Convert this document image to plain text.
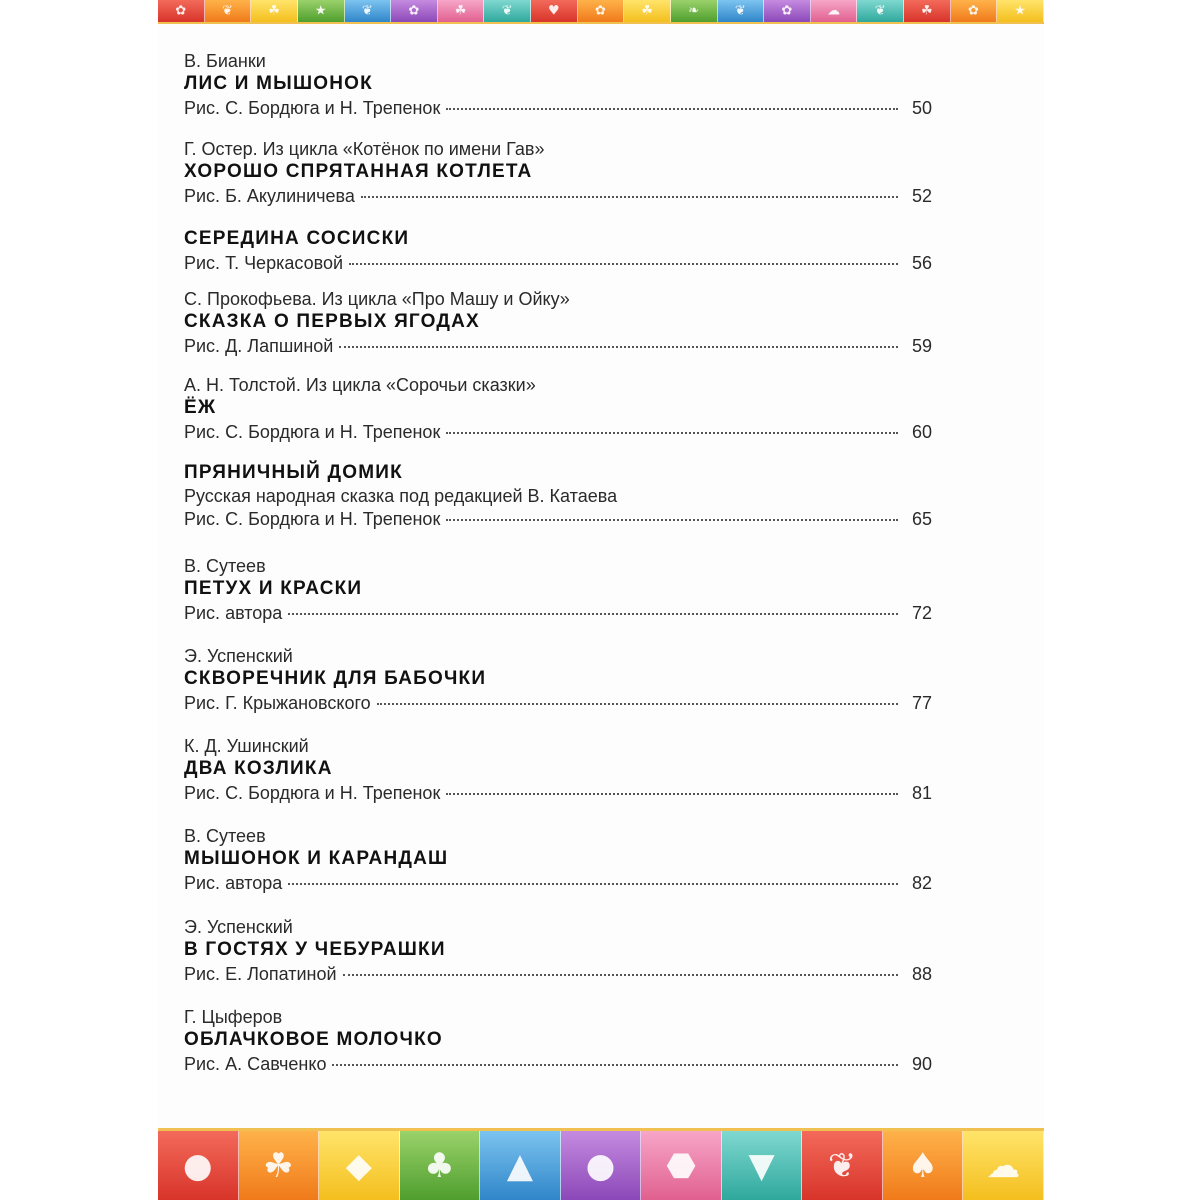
✿	❦	☘	★	❦	✿	☘	❦	♥	✿	☘	❧	❦	✿	☁	❦	☘	✿	★
В. Бианки
ЛИС И МЫШОНОК
Рис. С. Бордюга и Н. Трепенок	50
Г. Остер. Из цикла «Котёнок по имени Гав»
ХОРОШО СПРЯТАННАЯ КОТЛЕТА
Рис. Б. Акулиничева	52
СЕРЕДИНА СОСИСКИ
Рис. Т. Черкасовой	56
С. Прокофьева. Из цикла «Про Машу и Ойку»
СКАЗКА О ПЕРВЫХ ЯГОДАХ
Рис. Д. Лапшиной	59
А. Н. Толстой. Из цикла «Сорочьи сказки»
ЁЖ
Рис. С. Бордюга и Н. Трепенок	60
ПРЯНИЧНЫЙ ДОМИК
Русская народная сказка под редакцией В. Катаева
Рис. С. Бордюга и Н. Трепенок	65
В. Сутеев
ПЕТУХ И КРАСКИ
Рис. автора	72
Э. Успенский
СКВОРЕЧНИК ДЛЯ БАБОЧКИ
Рис. Г. Крыжановского	77
К. Д. Ушинский
ДВА КОЗЛИКА
Рис. С. Бордюга и Н. Трепенок	81
В. Сутеев
МЫШОНОК И КАРАНДАШ
Рис. автора	82
Э. Успенский
В ГОСТЯХ У ЧЕБУРАШКИ
Рис. Е. Лопатиной	88
Г. Цыферов
ОБЛАЧКОВОЕ МОЛОЧКО
Рис. А. Савченко	90
● ☘ ◆ ♣ ▲ ● ⬣ ▼ ❦ ♠ ☁
